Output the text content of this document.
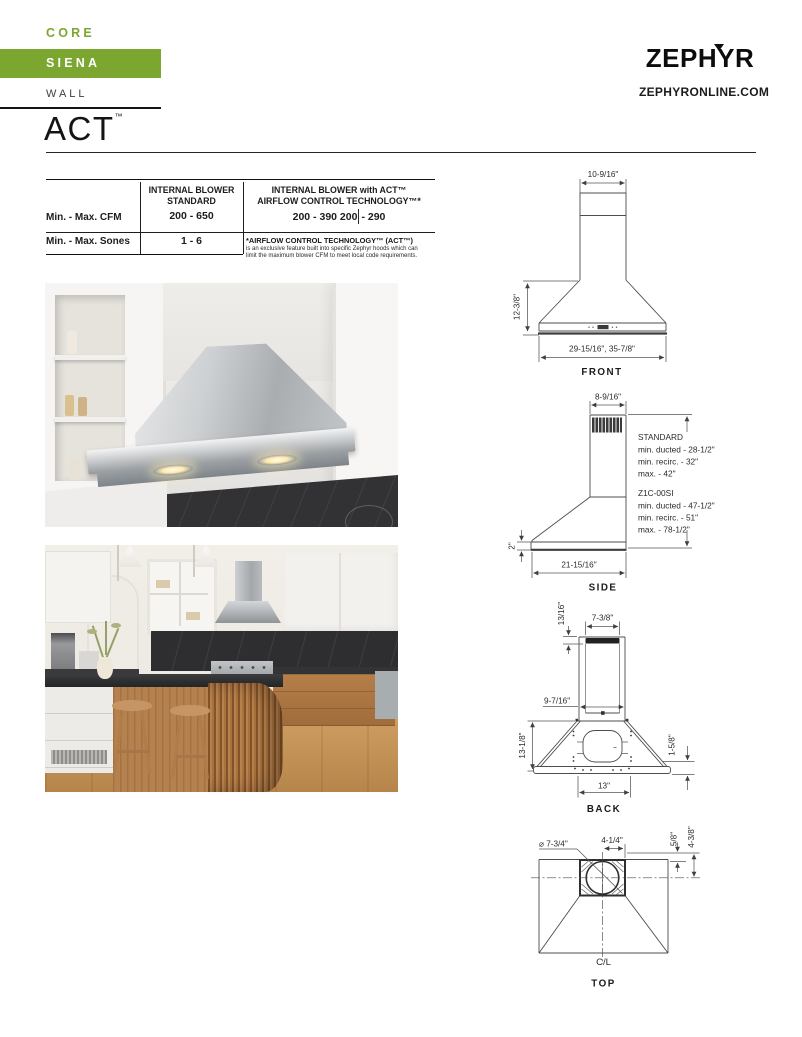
CORE
SIENA
WALL
ACT™
ZEPHYR
ZEPHYRONLINE.COM
INTERNAL BLOWER
STANDARD
INTERNAL BLOWER with ACT™
AIRFLOW CONTROL TECHNOLOGY™*
Min. - Max. CFM	200 - 650	200 - 390 200 - 290
Min. - Max. Sones	1 - 6	*AIRFLOW CONTROL TECHNOLOGY™ (ACT™)
is an exclusive feature built into specific Zephyr hoods which can
limit the maximum blower CFM to meet local code requirements.
10-9/16"
12-3/8"
29-15/16", 35-7/8"
FRONT
8-9/16"
2"
STANDARD
min. ducted - 28-1/2"
min. recirc. - 32"
max. - 42"
Z1C-00SI
min. ducted - 47-1/2"
min. recirc. - 51"
max. - 78-1/2"
21-15/16"
SIDE
13/16"	7-3/8"
9-7/16"
13-1/8"	1-5/8"
13"
BACK
⌀ 7-3/4"	4-1/4"	5/8" 4-3/8"
C/L
TOP
